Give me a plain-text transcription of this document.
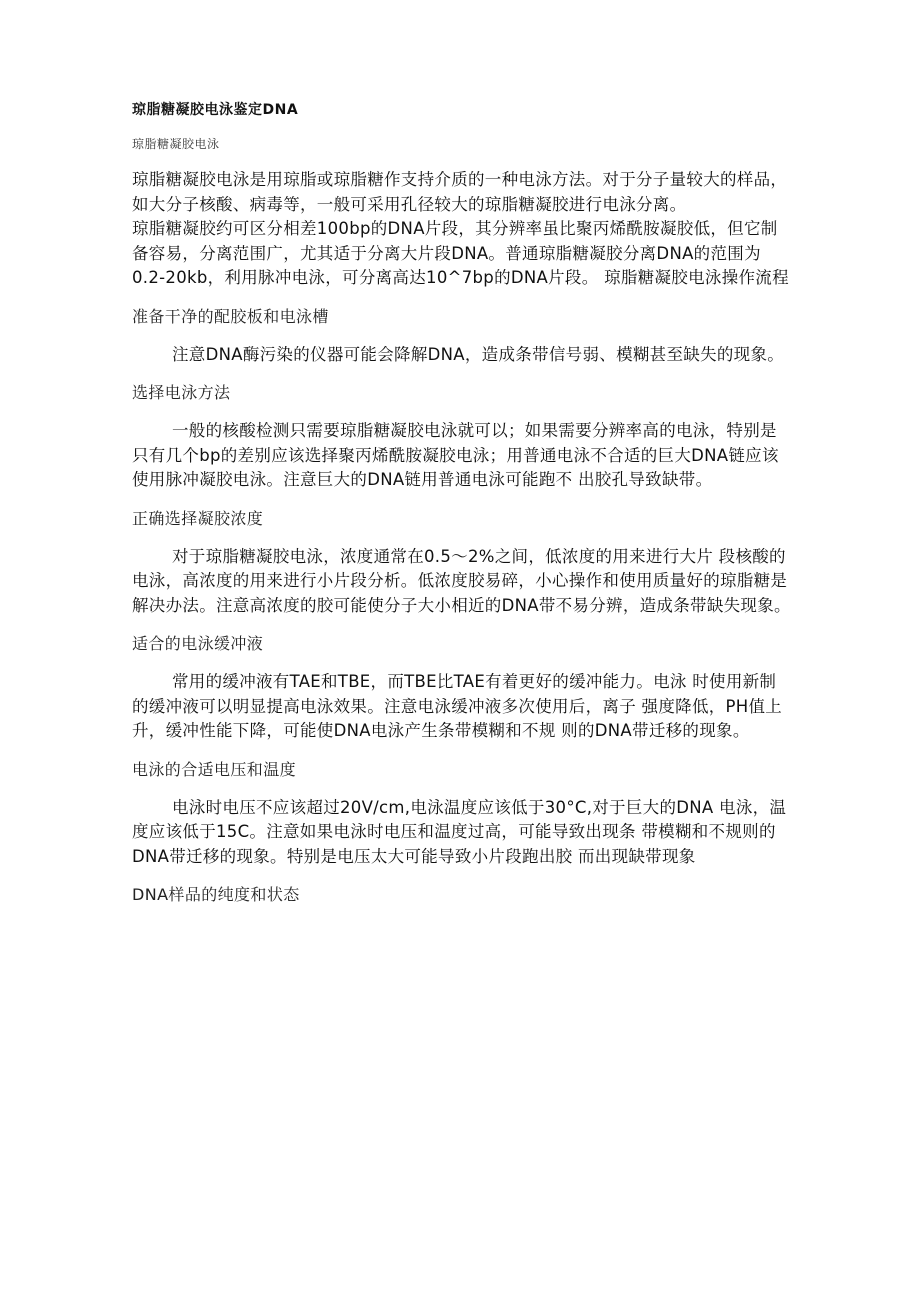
琼脂糖凝胶电泳鉴定DNA
琼脂糖凝胶电泳

琼脂糖凝胶电泳是用琼脂或琼脂糖作支持介质的一种电泳方法。对于分子量较大的样品，如大分子核酸、病毒等，一般可采用孔径较大的琼脂糖凝胶进行电泳分离。

琼脂糖凝胶约可区分相差100bp的DNA片段，其分辨率虽比聚丙烯酰胺凝胶低，但它制备容易，分离范围广，尤其适于分离大片段DNA。普通琼脂糖凝胶分离DNA的范围为0.2-20kb，利用脉冲电泳，可分离高达10^7bp的DNA片段。 琼脂糖凝胶电泳操作流程

准备干净的配胶板和电泳槽

注意DNA酶污染的仪器可能会降解DNA，造成条带信号弱、模糊甚至缺失的现象。

选择电泳方法

一般的核酸检测只需要琼脂糖凝胶电泳就可以；如果需要分辨率高的电泳，特别是只有几个bp的差别应该选择聚丙烯酰胺凝胶电泳；用普通电泳不合适的巨大DNA链应该使用脉冲凝胶电泳。注意巨大的DNA链用普通电泳可能跑不 出胶孔导致缺带。

正确选择凝胶浓度

对于琼脂糖凝胶电泳，浓度通常在0.5～2%之间，低浓度的用来进行大片 段核酸的电泳，高浓度的用来进行小片段分析。低浓度胶易碎，小心操作和使用质量好的琼脂糖是解决办法。注意高浓度的胶可能使分子大小相近的DNA带不易分辨，造成条带缺失现象。

适合的电泳缓冲液

常用的缓冲液有TAE和TBE，而TBE比TAE有着更好的缓冲能力。电泳 时使用新制的缓冲液可以明显提高电泳效果。注意电泳缓冲液多次使用后，离子 强度降低，PH值上升，缓冲性能下降，可能使DNA电泳产生条带模糊和不规 则的DNA带迁移的现象。

电泳的合适电压和温度

电泳时电压不应该超过20V/cm,电泳温度应该低于30°C,对于巨大的DNA 电泳，温度应该低于15C。注意如果电泳时电压和温度过高，可能导致出现条 带模糊和不规则的DNA带迁移的现象。特别是电压太大可能导致小片段跑出胶 而出现缺带现象

DNA样品的纯度和状态
